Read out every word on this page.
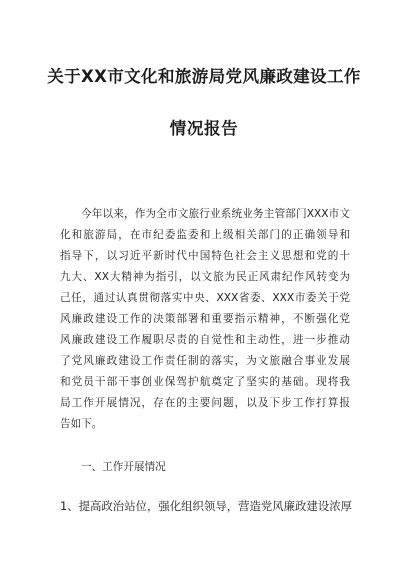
关于XX市文化和旅游局党风廉政建设工作
情况报告
今年以来，作为全市文旅行业系统业务主管部门XXX市文
化和旅游局，在市纪委监委和上级相关部门的正确领导和
指导下，以习近平新时代中国特色社会主义思想和党的十
九大、XX大精神为指引，以文旅为民正风肃纪作风转变为
己任，通过认真贯彻落实中央、XXX省委、XXX市委关于党
风廉政建设工作的决策部署和重要指示精神，不断强化党
风廉政建设工作履职尽责的自觉性和主动性，进一步推动
了党风廉政建设工作责任制的落实，为文旅融合事业发展
和党员干部干事创业保驾护航奠定了坚实的基础。现将我
局工作开展情况，存在的主要问题，以及下步工作打算报
告如下。
一、工作开展情况
1、提高政治站位，强化组织领导，营造党风廉政建设浓厚
